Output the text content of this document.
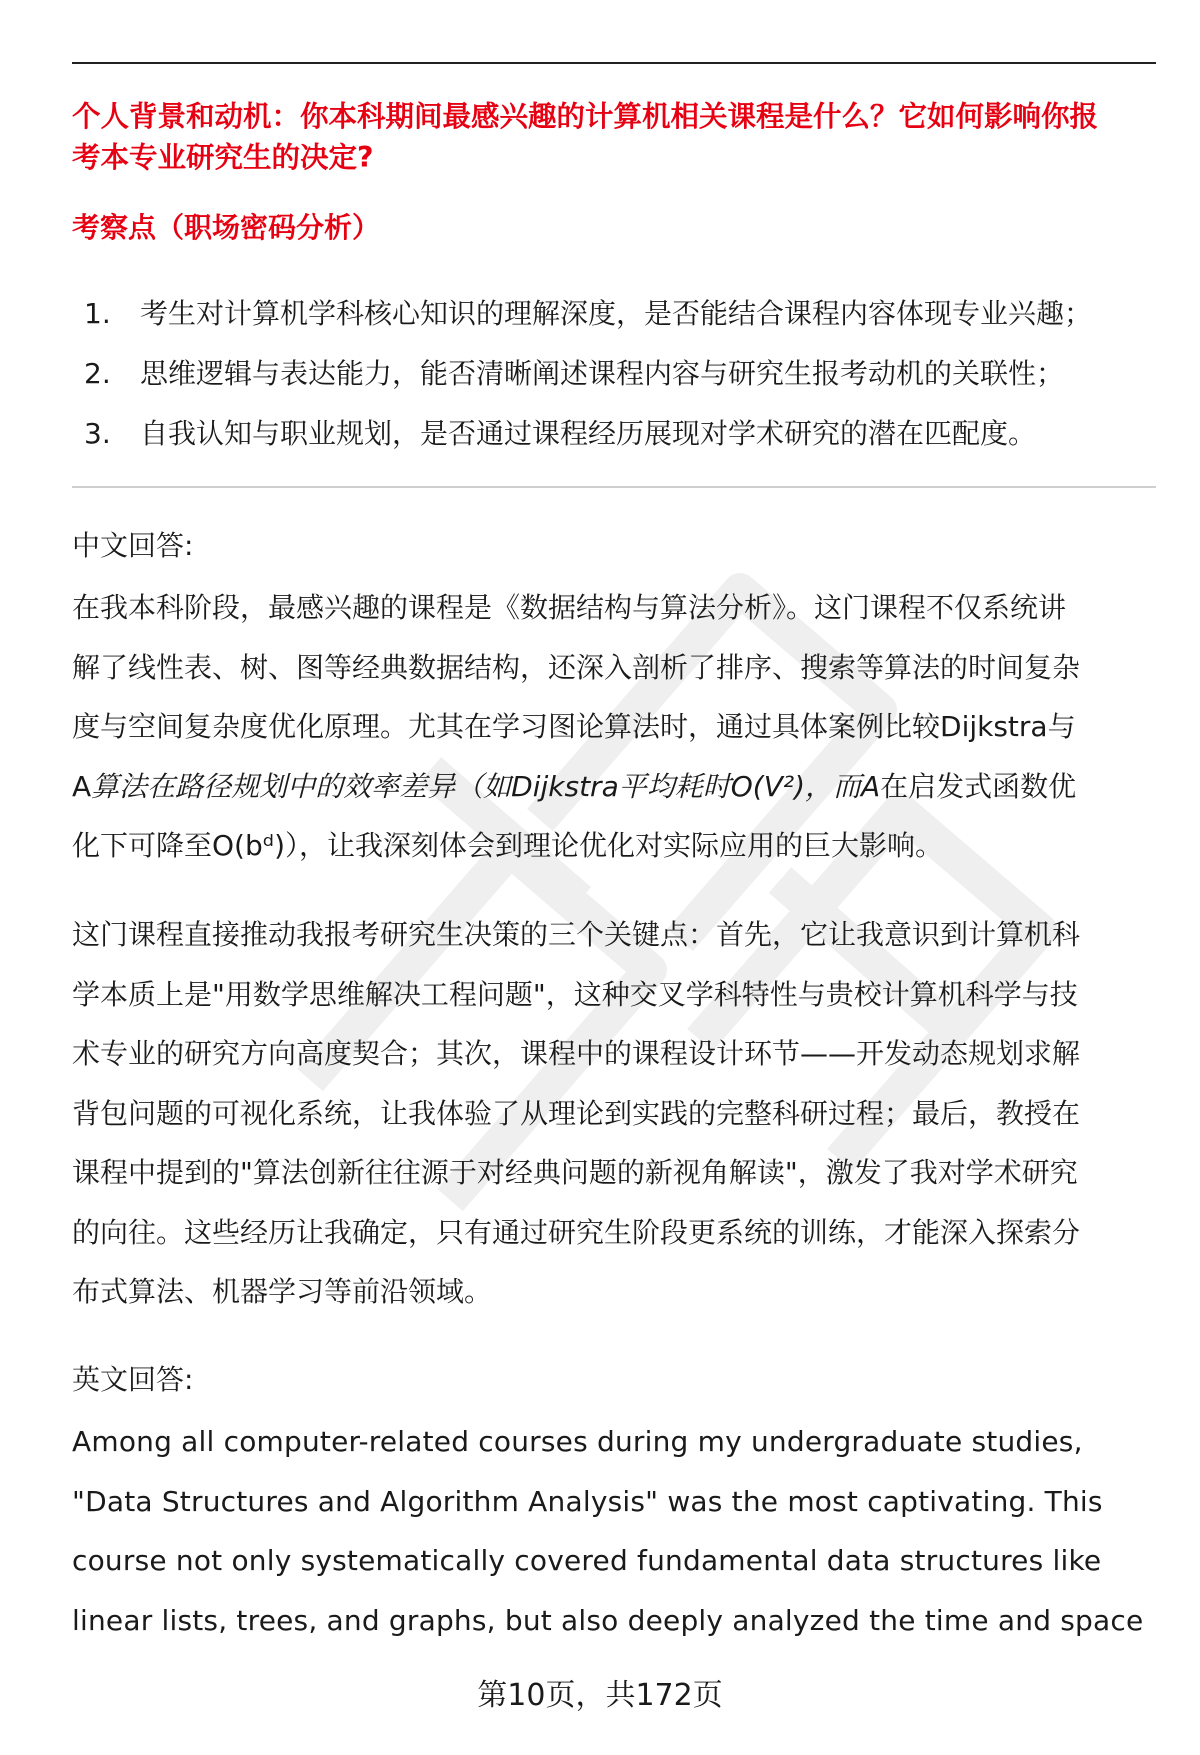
个人背景和动机：你本科期间最感兴趣的计算机相关课程是什么？它如何影响你报
考本专业研究生的决定?
考察点（职场密码分析）
1. 考生对计算机学科核心知识的理解深度，是否能结合课程内容体现专业兴趣；
2. 思维逻辑与表达能力，能否清晰阐述课程内容与研究生报考动机的关联性；
3. 自我认知与职业规划，是否通过课程经历展现对学术研究的潜在匹配度。

中文回答:

在我本科阶段，最感兴趣的课程是《数据结构与算法分析》。这门课程不仅系统讲
解了线性表、树、图等经典数据结构，还深入剖析了排序、搜索等算法的时间复杂
度与空间复杂度优化原理。尤其在学习图论算法时，通过具体案例比较Dijkstra与
A算法在路径规划中的效率差异（如Dijkstra平均耗时O(V²)，而A在启发式函数优
化下可降至O(bᵈ)），让我深刻体会到理论优化对实际应用的巨大影响。

这门课程直接推动我报考研究生决策的三个关键点：首先，它让我意识到计算机科
学本质上是"用数学思维解决工程问题"，这种交叉学科特性与贵校计算机科学与技
术专业的研究方向高度契合；其次，课程中的课程设计环节——开发动态规划求解
背包问题的可视化系统，让我体验了从理论到实践的完整科研过程；最后，教授在
课程中提到的"算法创新往往源于对经典问题的新视角解读"，激发了我对学术研究
的向往。这些经历让我确定，只有通过研究生阶段更系统的训练，才能深入探索分
布式算法、机器学习等前沿领域。

英文回答:

Among all computer-related courses during my undergraduate studies,
"Data Structures and Algorithm Analysis" was the most captivating. This
course not only systematically covered fundamental data structures like
linear lists, trees, and graphs, but also deeply analyzed the time and space

第10页，共172页
